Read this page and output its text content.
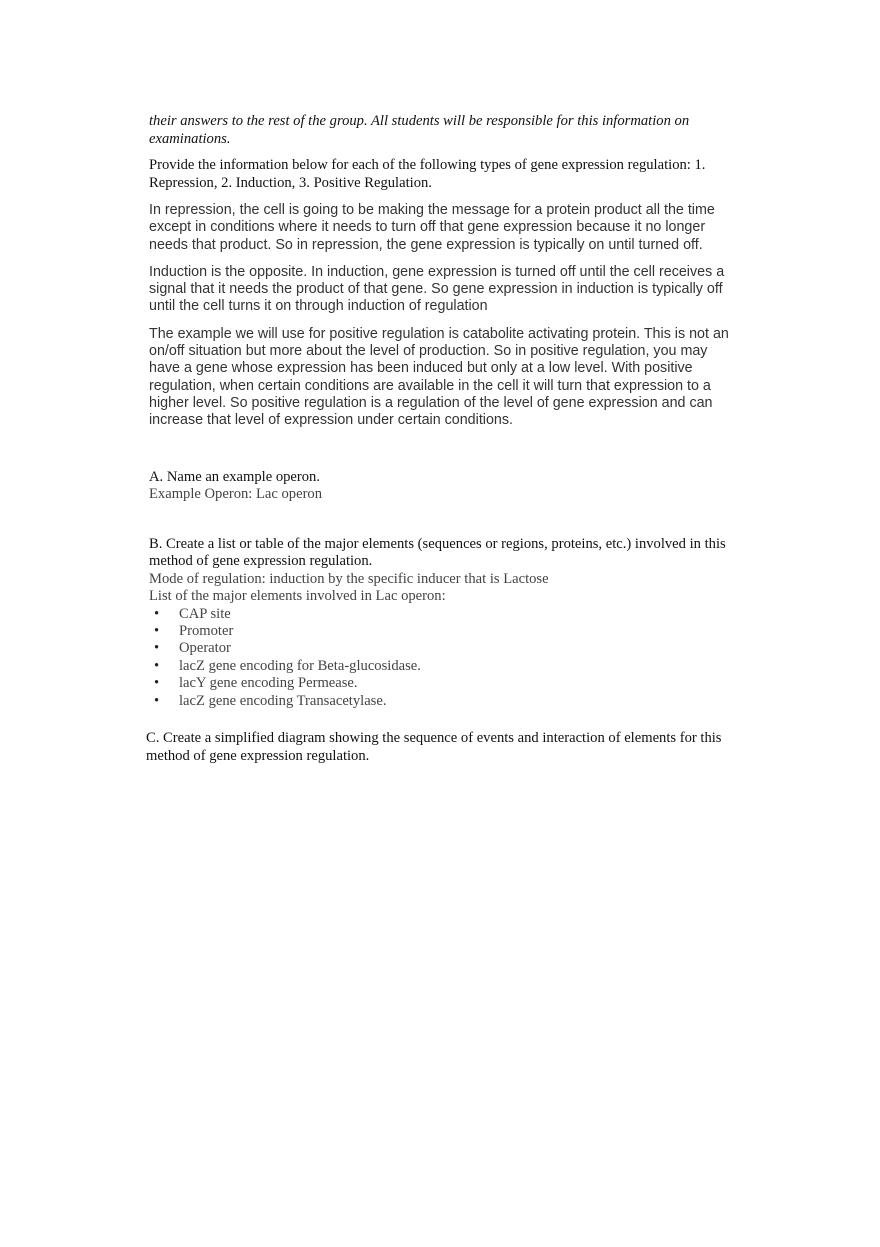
their answers to the rest of the group. All students will be responsible for this information on examinations.

Provide the information below for each of the following types of gene expression regulation: 1. Repression, 2. Induction, 3. Positive Regulation.

In repression, the cell is going to be making the message for a protein product all the time except in conditions where it needs to turn off that gene expression because it no longer needs that product. So in repression, the gene expression is typically on until turned off.

Induction is the opposite. In induction, gene expression is turned off until the cell receives a signal that it needs the product of that gene. So gene expression in induction is typically off until the cell turns it on through induction of regulation

The example we will use for positive regulation is catabolite activating protein. This is not an on/off situation but more about the level of production. So in positive regulation, you may have a gene whose expression has been induced but only at a low level. With positive regulation, when certain conditions are available in the cell it will turn that expression to a higher level. So positive regulation is a regulation of the level of gene expression and can increase that level of expression under certain conditions.

A. Name an example operon.

Example Operon: Lac operon

B. Create a list or table of the major elements (sequences or regions, proteins, etc.) involved in this method of gene expression regulation.

Mode of regulation: induction by the specific inducer that is Lactose

List of the major elements involved in Lac operon:

• CAP site
• Promoter
• Operator
• lacZ gene encoding for Beta-glucosidase.
• lacY gene encoding Permease.
• lacZ gene encoding Transacetylase.

C. Create a simplified diagram showing the sequence of events and interaction of elements for this method of gene expression regulation.
